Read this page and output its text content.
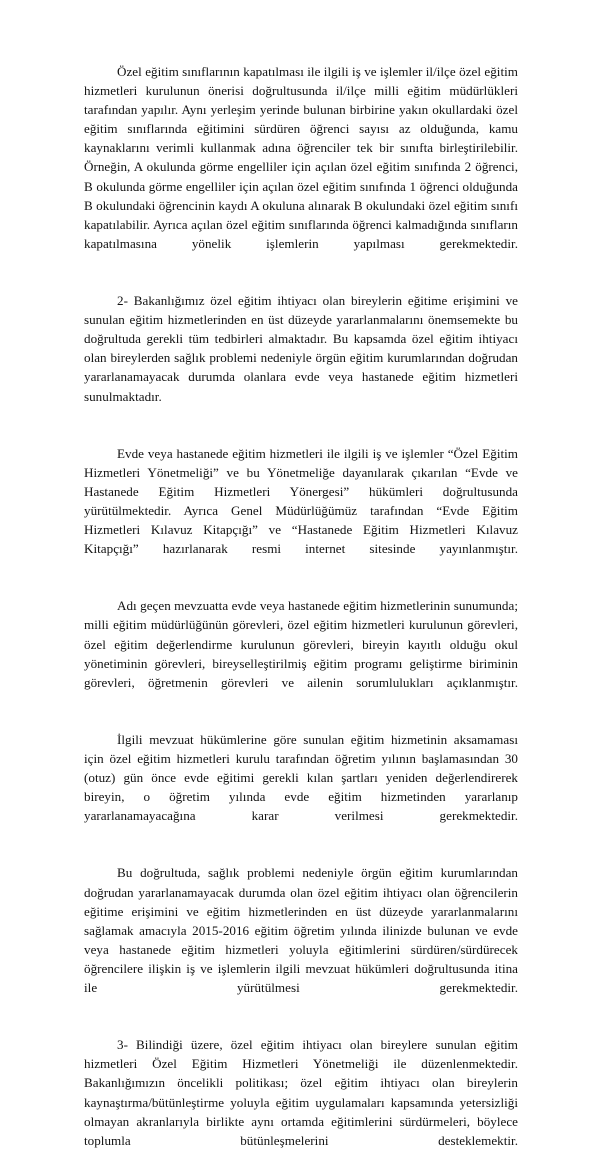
Özel eğitim sınıflarının kapatılması ile ilgili iş ve işlemler il/ilçe özel eğitim hizmetleri kurulunun önerisi doğrultusunda il/ilçe milli eğitim müdürlükleri tarafından yapılır. Aynı yerleşim yerinde bulunan birbirine yakın okullardaki özel eğitim sınıflarında eğitimini sürdüren öğrenci sayısı az olduğunda, kamu kaynaklarını verimli kullanmak adına öğrenciler tek bir sınıfta birleştirilebilir. Örneğin, A okulunda görme engelliler için açılan özel eğitim sınıfında 2 öğrenci, B okulunda görme engelliler için açılan özel eğitim sınıfında 1 öğrenci olduğunda B okulundaki öğrencinin kaydı A okuluna alınarak B okulundaki özel eğitim sınıfı kapatılabilir. Ayrıca açılan özel eğitim sınıflarında öğrenci kalmadığında sınıfların kapatılmasına yönelik işlemlerin yapılması gerekmektedir.

2- Bakanlığımız özel eğitim ihtiyacı olan bireylerin eğitime erişimini ve sunulan eğitim hizmetlerinden en üst düzeyde yararlanmalarını önemsemekte bu doğrultuda gerekli tüm tedbirleri almaktadır. Bu kapsamda özel eğitim ihtiyacı olan bireylerden sağlık problemi nedeniyle örgün eğitim kurumlarından doğrudan yararlanamayacak durumda olanlara evde veya hastanede eğitim hizmetleri sunulmaktadır.

Evde veya hastanede eğitim hizmetleri ile ilgili iş ve işlemler “Özel Eğitim Hizmetleri Yönetmeliği” ve bu Yönetmeliğe dayanılarak çıkarılan “Evde ve Hastanede Eğitim Hizmetleri Yönergesi” hükümleri doğrultusunda yürütülmektedir. Ayrıca Genel Müdürlüğümüz tarafından “Evde Eğitim Hizmetleri Kılavuz Kitapçığı” ve “Hastanede Eğitim Hizmetleri Kılavuz Kitapçığı” hazırlanarak resmi internet sitesinde yayınlanmıştır.

Adı geçen mevzuatta evde veya hastanede eğitim hizmetlerinin sunumunda; milli eğitim müdürlüğünün görevleri, özel eğitim hizmetleri kurulunun görevleri, özel eğitim değerlendirme kurulunun görevleri, bireyin kayıtlı olduğu okul yönetiminin görevleri, bireyselleştirilmiş eğitim programı geliştirme biriminin görevleri, öğretmenin görevleri ve ailenin sorumlulukları açıklanmıştır.

İlgili mevzuat hükümlerine göre sunulan eğitim hizmetinin aksamaması için özel eğitim hizmetleri kurulu tarafından öğretim yılının başlamasından 30 (otuz) gün önce evde eğitimi gerekli kılan şartları yeniden değerlendirerek bireyin, o öğretim yılında evde eğitim hizmetinden yararlanıp yararlanamayacağına karar verilmesi gerekmektedir.

Bu doğrultuda, sağlık problemi nedeniyle örgün eğitim kurumlarından doğrudan yararlanamayacak durumda olan özel eğitim ihtiyacı olan öğrencilerin eğitime erişimini ve eğitim hizmetlerinden en üst düzeyde yararlanmalarını sağlamak amacıyla 2015-2016 eğitim öğretim yılında ilinizde bulunan ve evde veya hastanede eğitim hizmetleri yoluyla eğitimlerini sürdüren/sürdürecek öğrencilere ilişkin iş ve işlemlerin ilgili mevzuat hükümleri doğrultusunda itina ile yürütülmesi gerekmektedir.

3- Bilindiği üzere, özel eğitim ihtiyacı olan bireylere sunulan eğitim hizmetleri Özel Eğitim Hizmetleri Yönetmeliği ile düzenlenmektedir. Bakanlığımızın öncelikli politikası; özel eğitim ihtiyacı olan bireylerin kaynaştırma/bütünleştirme yoluyla eğitim uygulamaları kapsamında yetersizliği olmayan akranlarıyla birlikte aynı ortamda eğitimlerini sürdürmeleri, böylece toplumla bütünleşmelerini desteklemektir.
